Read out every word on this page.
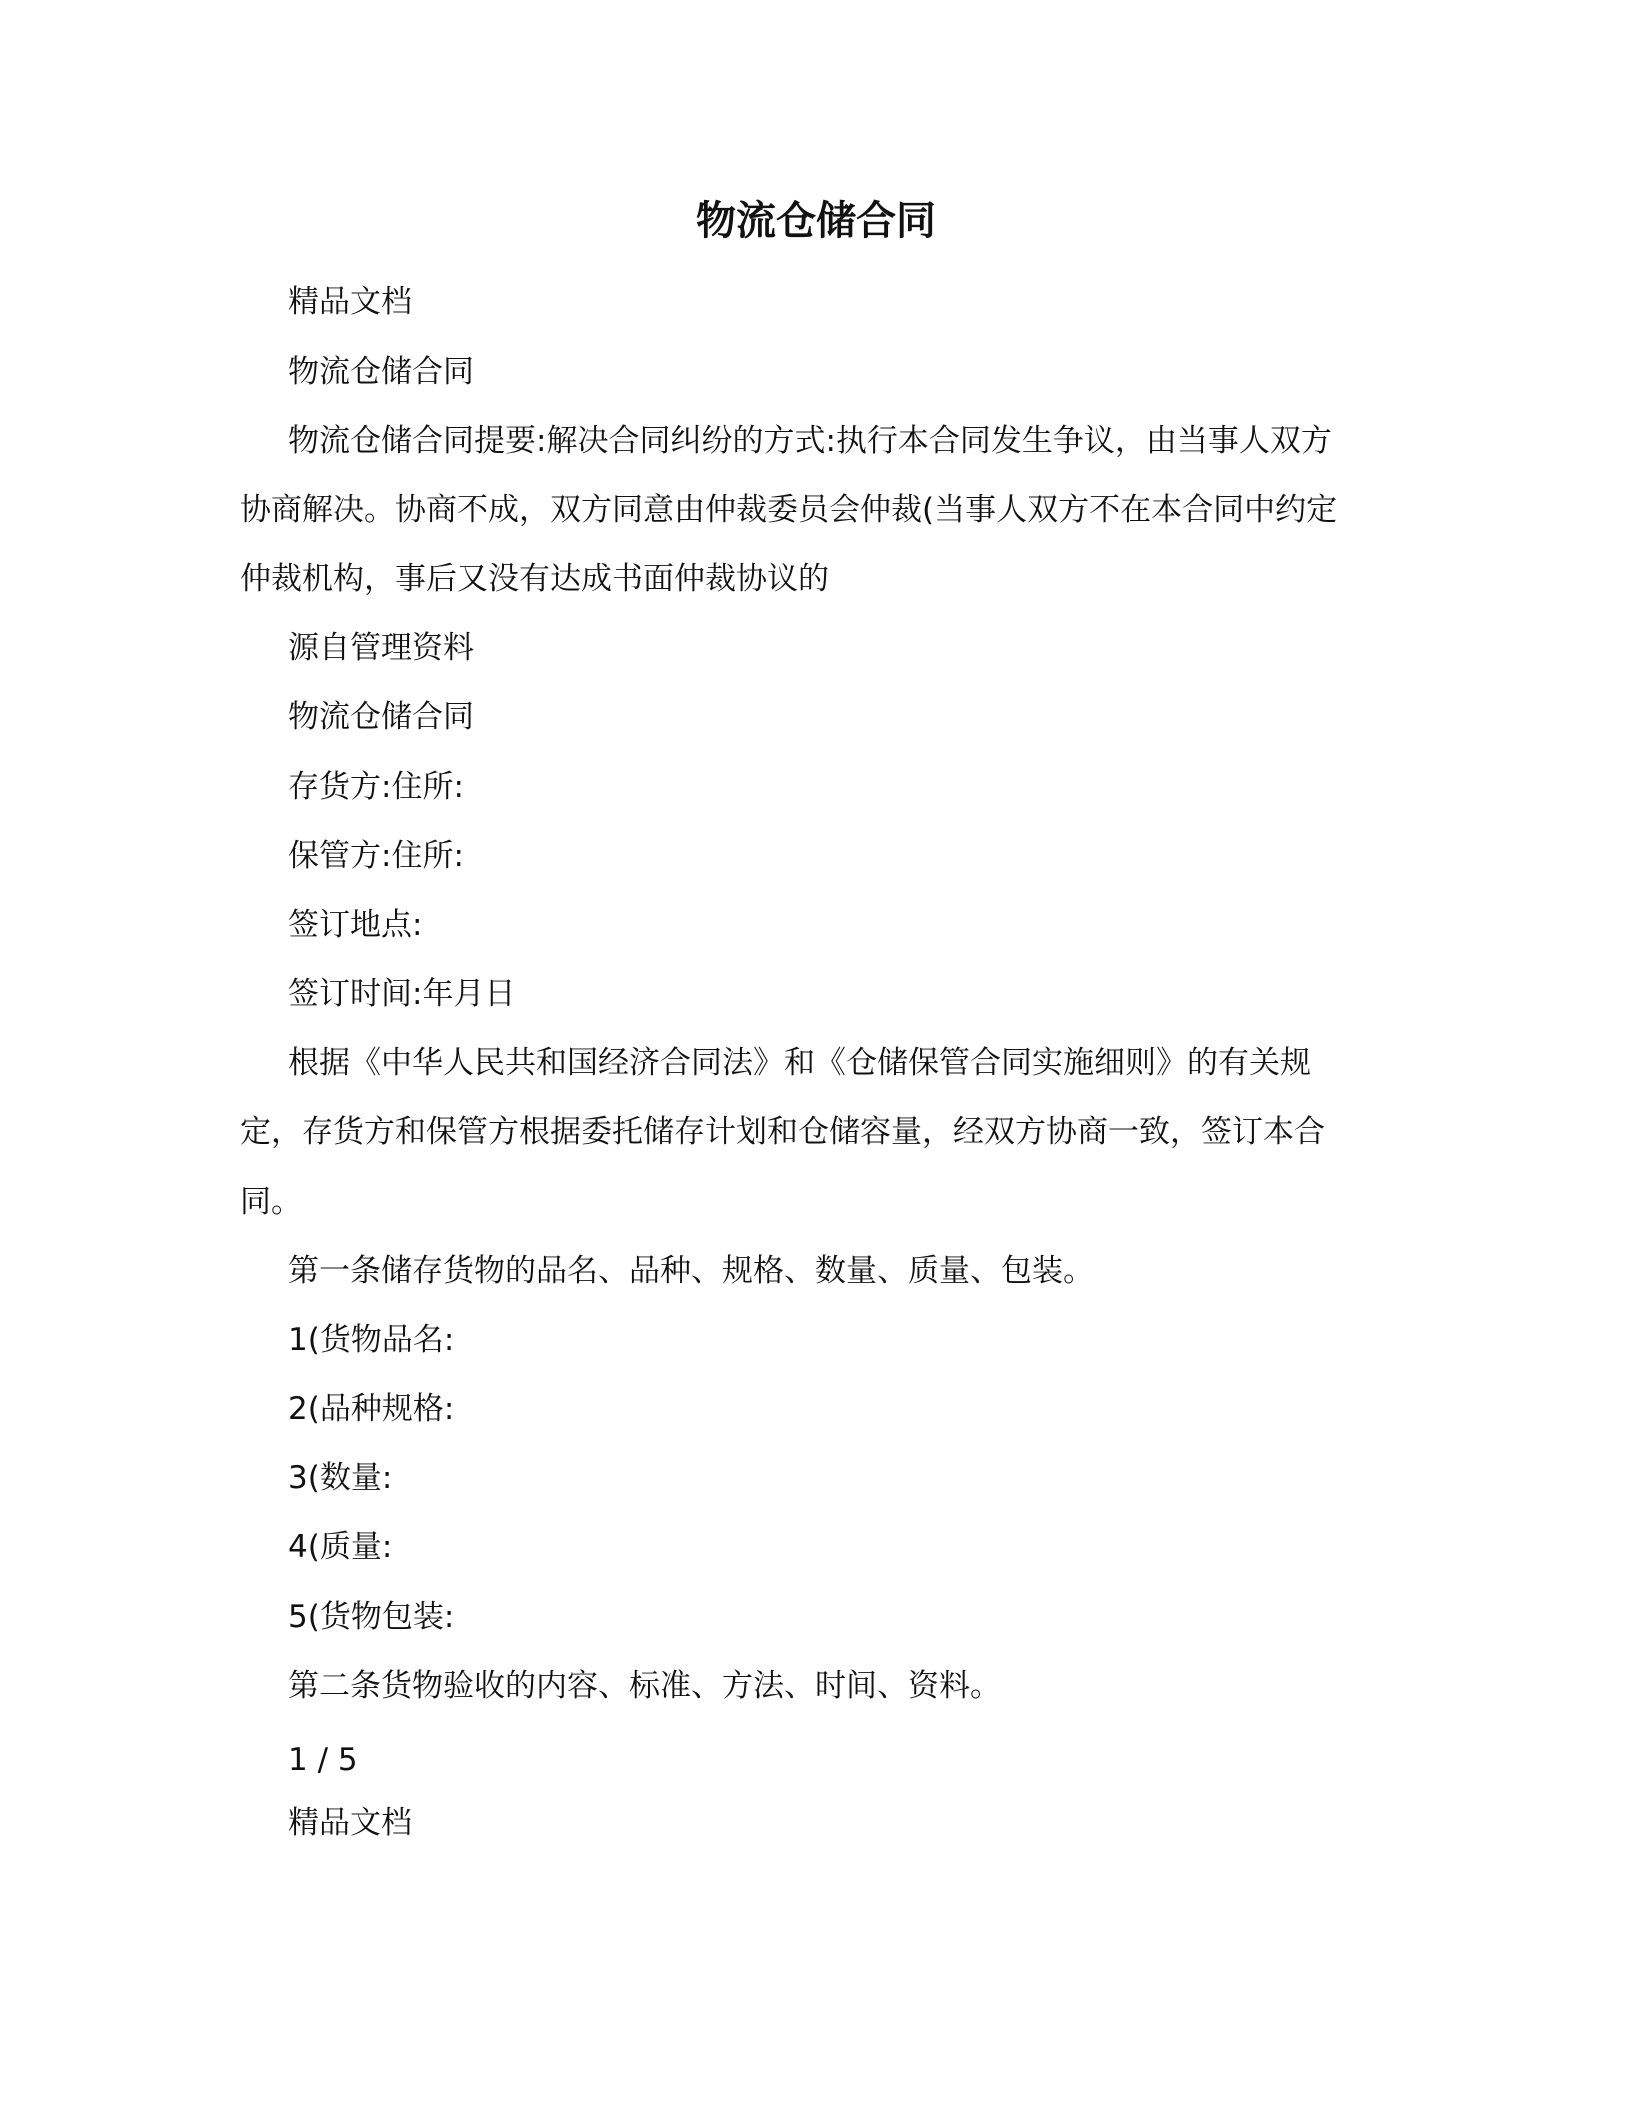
物流仓储合同

精品文档

物流仓储合同

物流仓储合同提要:解决合同纠纷的方式:执行本合同发生争议，由当事人双方

协商解决。协商不成，双方同意由仲裁委员会仲裁(当事人双方不在本合同中约定

仲裁机构，事后又没有达成书面仲裁协议的

源自管理资料

物流仓储合同

存货方:住所:

保管方:住所:

签订地点:

签订时间:年月日

根据《中华人民共和国经济合同法》和《仓储保管合同实施细则》的有关规

定，存货方和保管方根据委托储存计划和仓储容量，经双方协商一致，签订本合

同。

第一条储存货物的品名、品种、规格、数量、质量、包装。

1(货物品名:

2(品种规格:

3(数量:

4(质量:

5(货物包装:

第二条货物验收的内容、标准、方法、时间、资料。

1 / 5

精品文档
